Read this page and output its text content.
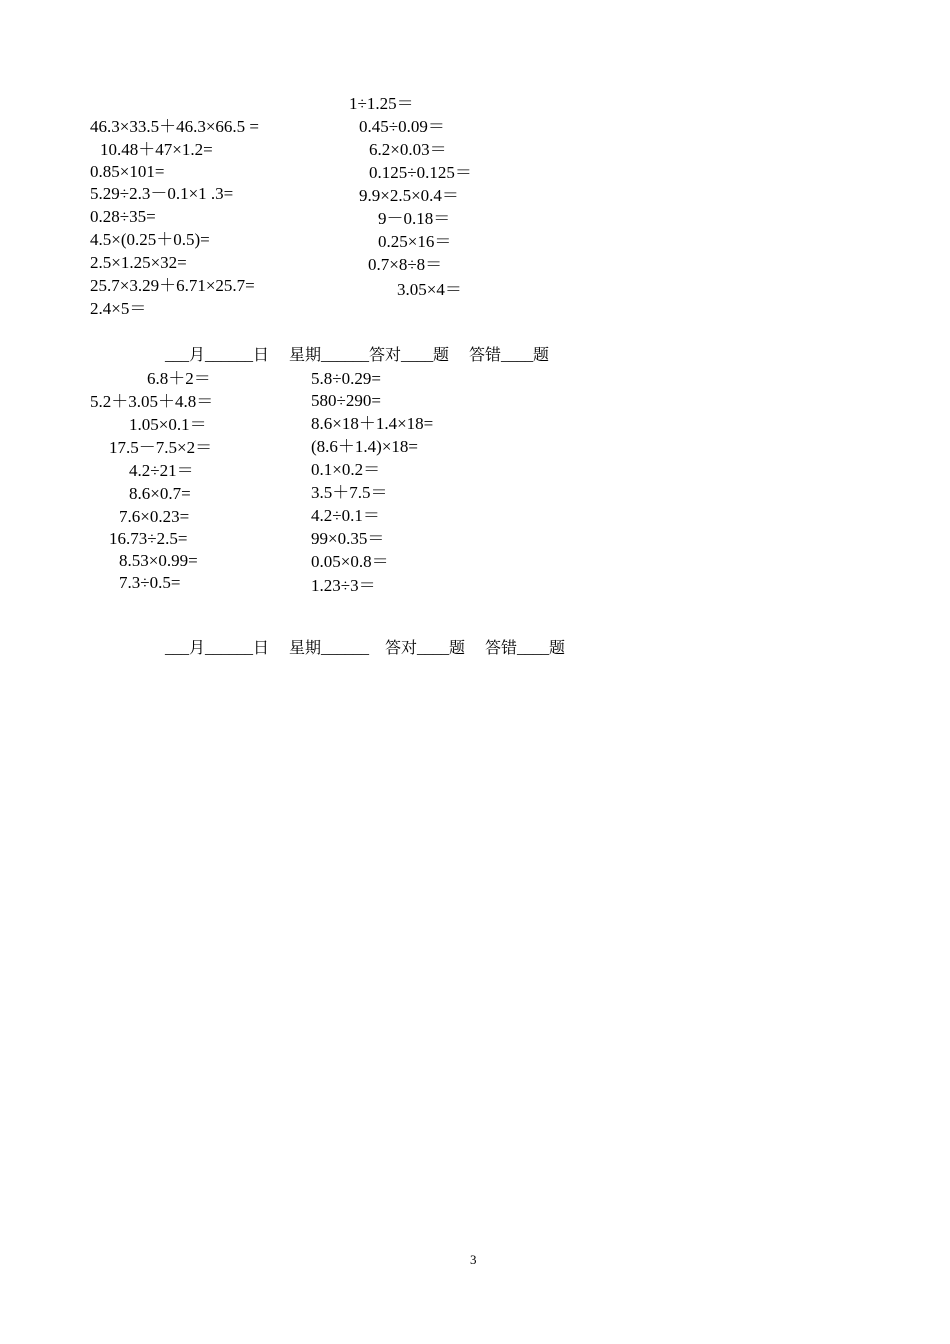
46.3×33.5＋46.3×66.5 =
10.48＋47×1.2=
0.85×101=
5.29÷2.3－0.1×1 .3=
0.28÷35=
4.5×(0.25＋0.5)=
2.5×1.25×32=
25.7×3.29＋6.71×25.7=
2.4×5＝
1÷1.25＝
0.45÷0.09＝
6.2×0.03＝
0.125÷0.125＝
9.9×2.5×0.4＝
9－0.18＝
0.25×16＝
0.7×8÷8＝
3.05×4＝
___月______日     星期______答对____题     答错____题
6.8＋2＝
5.2＋3.05＋4.8＝
1.05×0.1＝
17.5－7.5×2＝
4.2÷21＝
8.6×0.7=
7.6×0.23=
16.73÷2.5=
8.53×0.99=
7.3÷0.5=
5.8÷0.29=
580÷290=
8.6×18＋1.4×18=
(8.6＋1.4)×18=
0.1×0.2＝
3.5＋7.5＝
4.2÷0.1＝
99×0.35＝
0.05×0.8＝
1.23÷3＝
___月______日     星期______    答对____题     答错____题
3
